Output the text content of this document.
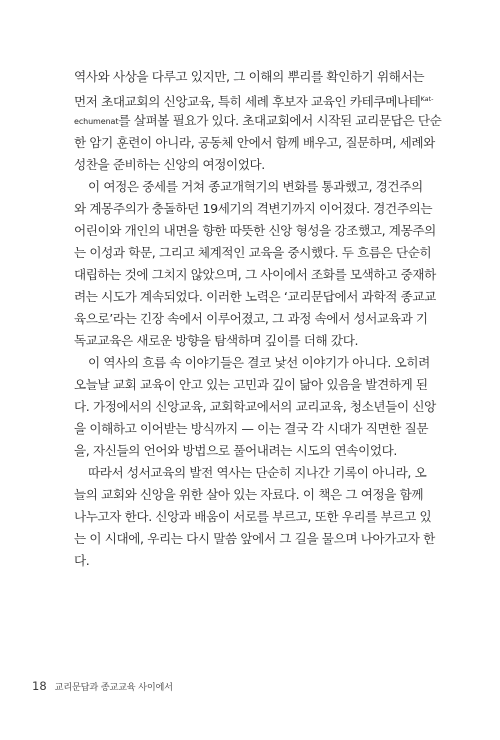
역사와 사상을 다루고 있지만, 그 이해의 뿌리를 확인하기 위해서는
먼저 초대교회의 신앙교육, 특히 세례 후보자 교육인 카테쿠메나테$^{Kat-}$
echumenat를 살펴볼 필요가 있다. 초대교회에서 시작된 교리문답은 단순
한 암기 훈련이 아니라, 공동체 안에서 함께 배우고, 질문하며, 세례와
성찬을 준비하는 신앙의 여정이었다.
이 여정은 중세를 거쳐 종교개혁기의 변화를 통과했고, 경건주의
와 계몽주의가 충돌하던 19세기의 격변기까지 이어졌다. 경건주의는
어린이와 개인의 내면을 향한 따뜻한 신앙 형성을 강조했고, 계몽주의
는 이성과 학문, 그리고 체계적인 교육을 중시했다. 두 흐름은 단순히
대립하는 것에 그치지 않았으며, 그 사이에서 조화를 모색하고 중재하
려는 시도가 계속되었다. 이러한 노력은 ‘교리문답에서 과학적 종교교
육으로’라는 긴장 속에서 이루어졌고, 그 과정 속에서 성서교육과 기
독교교육은 새로운 방향을 탐색하며 깊이를 더해 갔다.
이 역사의 흐름 속 이야기들은 결코 낯선 이야기가 아니다. 오히려
오늘날 교회 교육이 안고 있는 고민과 깊이 닮아 있음을 발견하게 된
다. 가정에서의 신앙교육, 교회학교에서의 교리교육, 청소년들이 신앙
을 이해하고 이어받는 방식까지 — 이는 결국 각 시대가 직면한 질문
을, 자신들의 언어와 방법으로 풀어내려는 시도의 연속이었다.
따라서 성서교육의 발전 역사는 단순히 지나간 기록이 아니라, 오
늘의 교회와 신앙을 위한 살아 있는 자료다. 이 책은 그 여정을 함께
나누고자 한다. 신앙과 배움이 서로를 부르고, 또한 우리를 부르고 있
는 이 시대에, 우리는 다시 말씀 앞에서 그 길을 물으며 나아가고자 한
다.
18 교리문답과 종교교육 사이에서
